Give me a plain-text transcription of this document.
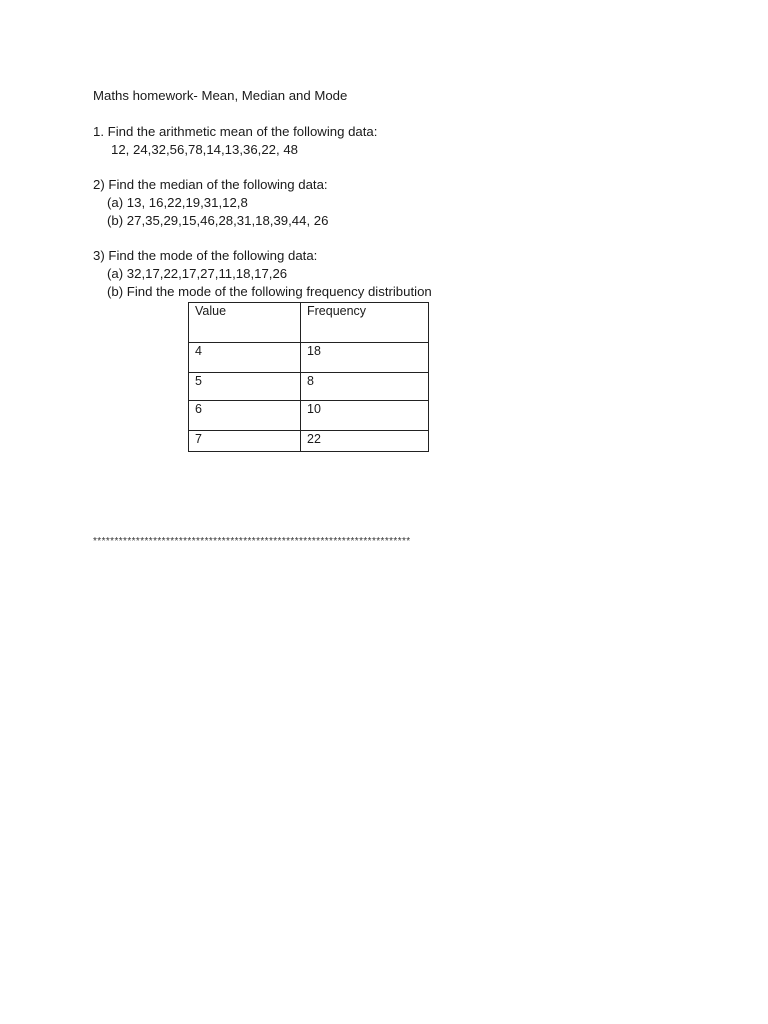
Maths homework- Mean, Median and Mode
1. Find the arithmetic mean of the following data:
12, 24,32,56,78,14,13,36,22, 48
2) Find the median of the following data:
(a) 13, 16,22,19,31,12,8
(b) 27,35,29,15,46,28,31,18,39,44, 26
3) Find the mode of the following data:
(a) 32,17,22,17,27,11,18,17,26
(b) Find the mode of the following frequency distribution
Value	Frequency
4	18
5	8
6	10
7	22
**************************************************************************
